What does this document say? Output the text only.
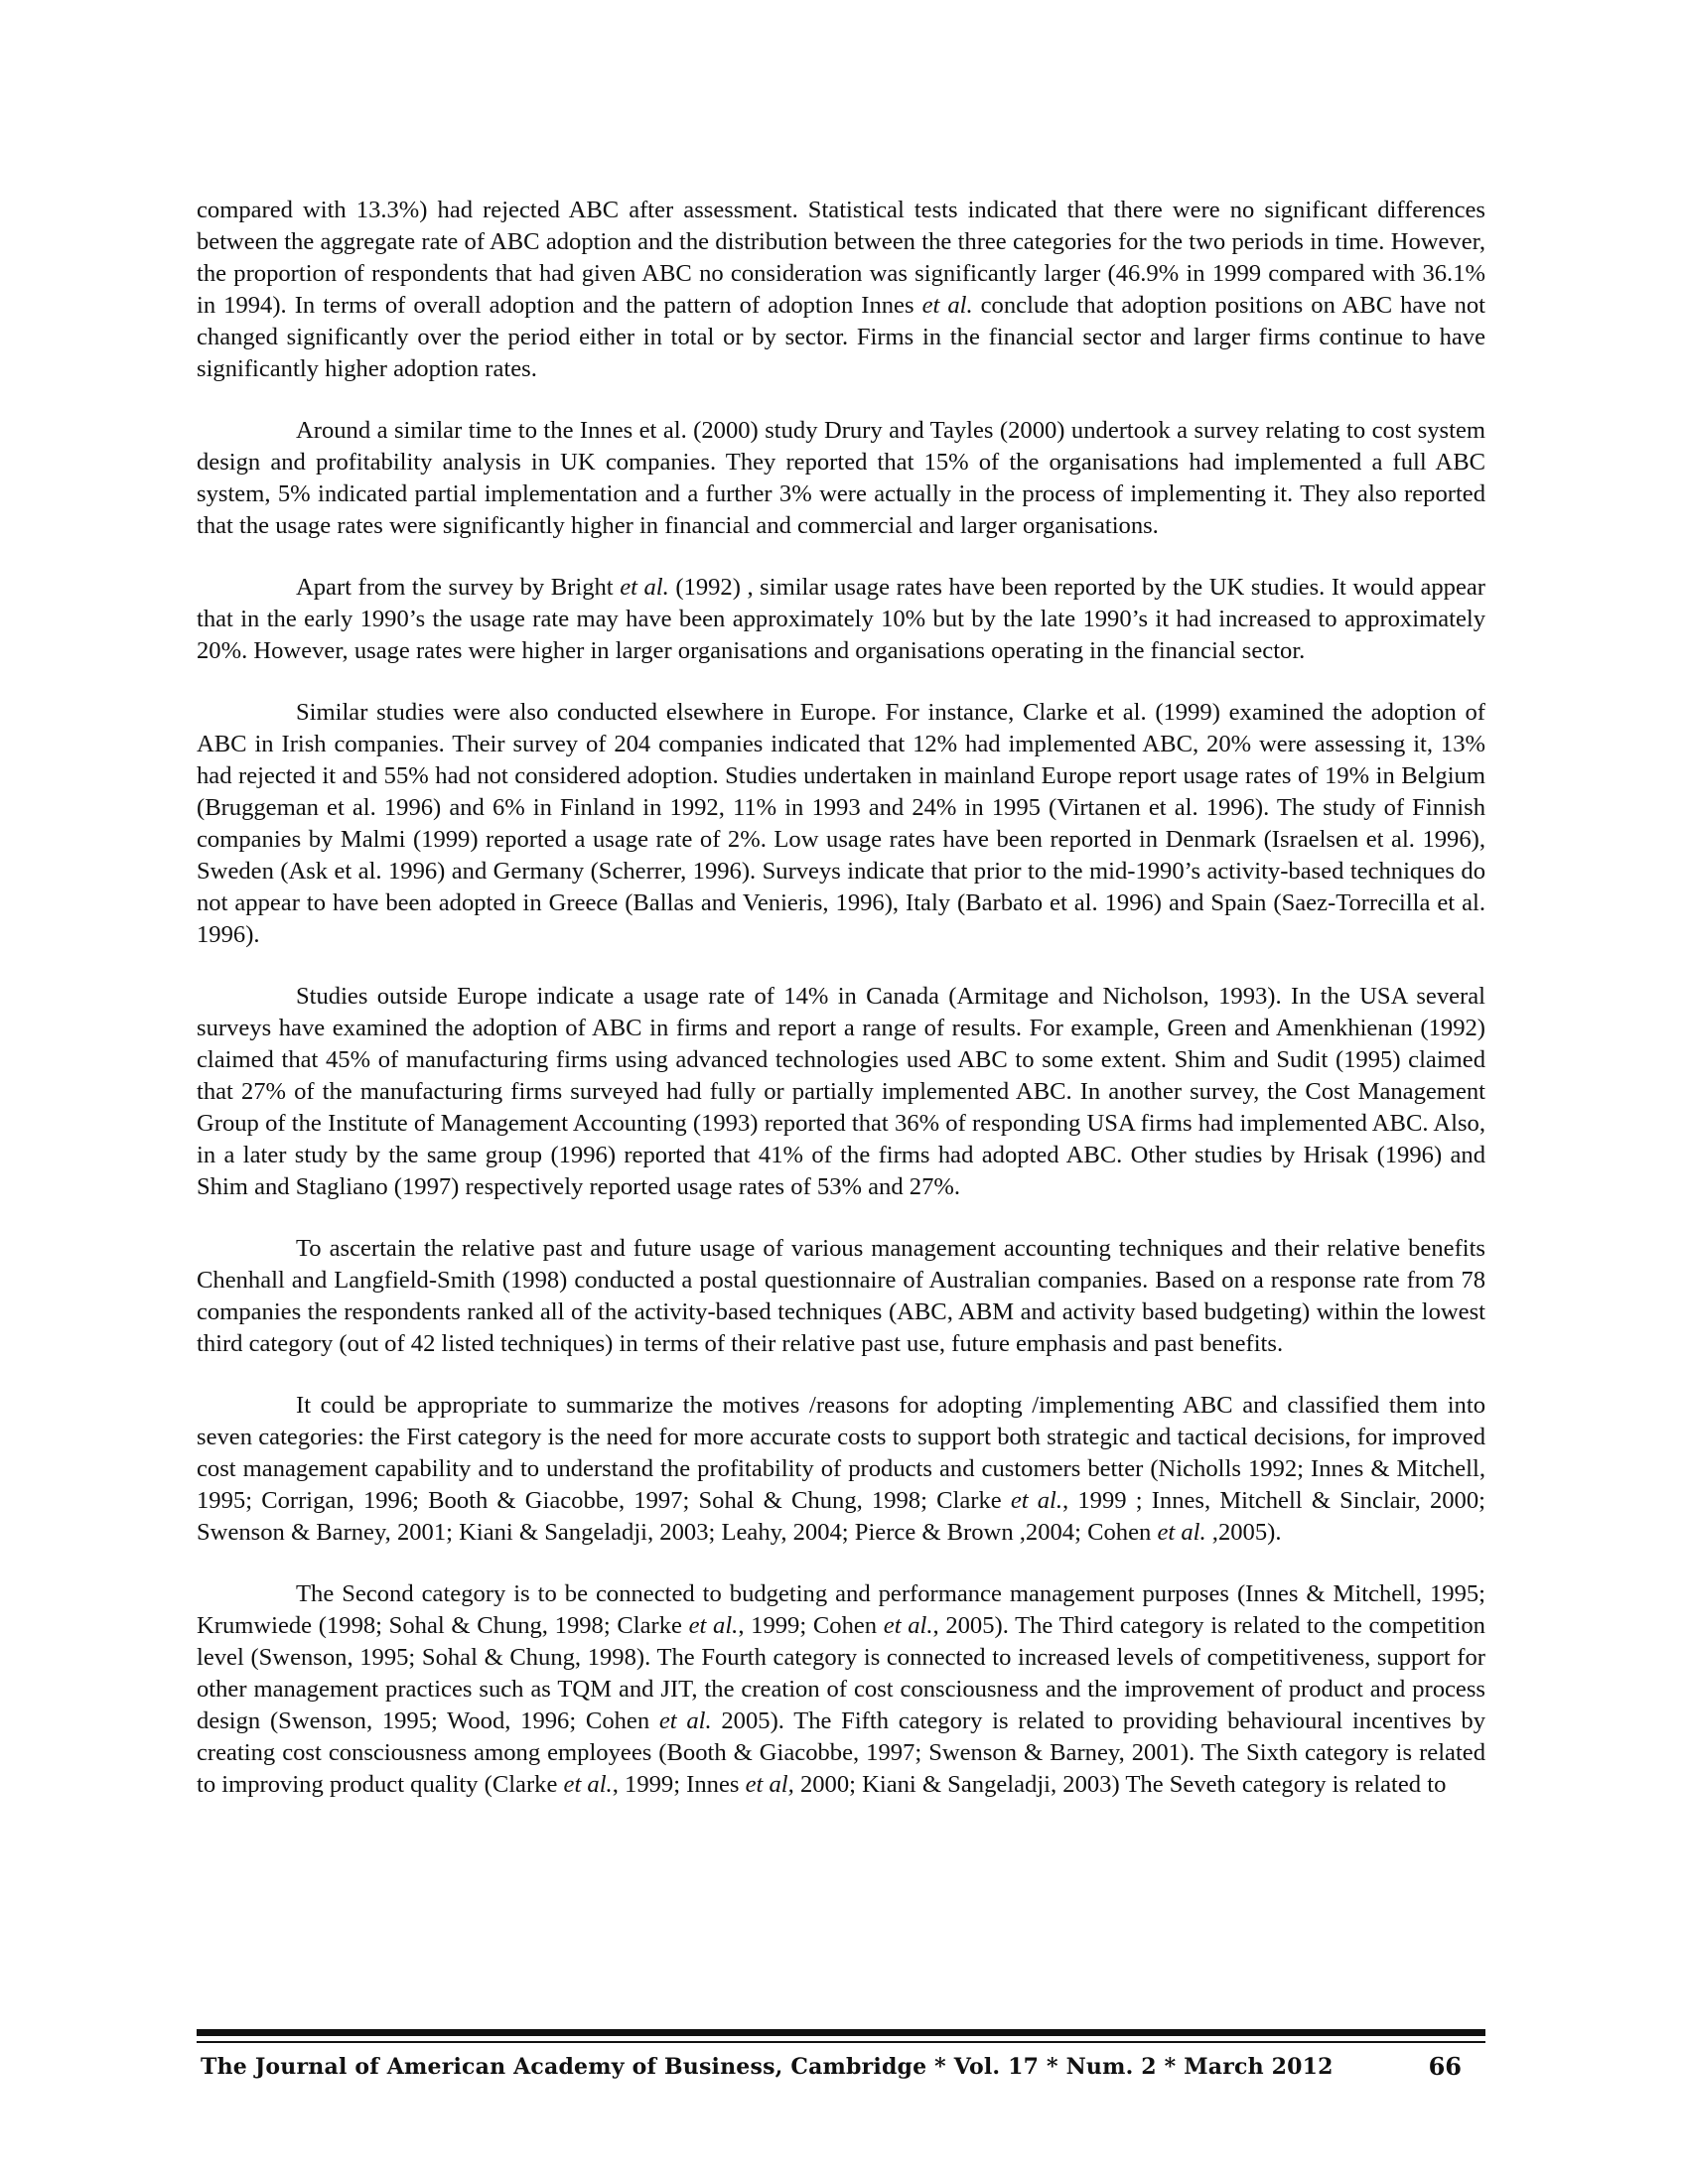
compared with 13.3%) had rejected ABC after assessment. Statistical tests indicated that there were no significant differences between the aggregate rate of ABC adoption and the distribution between the three categories for the two periods in time. However, the proportion of respondents that had given ABC no consideration was significantly larger (46.9% in 1999 compared with 36.1% in 1994). In terms of overall adoption and the pattern of adoption Innes et al. conclude that adoption positions on ABC have not changed significantly over the period either in total or by sector. Firms in the financial sector and larger firms continue to have significantly higher adoption rates.

Around a similar time to the Innes et al. (2000) study Drury and Tayles (2000) undertook a survey relating to cost system design and profitability analysis in UK companies. They reported that 15% of the organisations had implemented a full ABC system, 5% indicated partial implementation and a further 3% were actually in the process of implementing it. They also reported that the usage rates were significantly higher in financial and commercial and larger organisations.

Apart from the survey by Bright et al. (1992) , similar usage rates have been reported by the UK studies. It would appear that in the early 1990’s the usage rate may have been approximately 10% but by the late 1990’s it had increased to approximately 20%. However, usage rates were higher in larger organisations and organisations operating in the financial sector.

Similar studies were also conducted elsewhere in Europe. For instance, Clarke et al. (1999) examined the adoption of ABC in Irish companies. Their survey of 204 companies indicated that 12% had implemented ABC, 20% were assessing it, 13% had rejected it and 55% had not considered adoption. Studies undertaken in mainland Europe report usage rates of 19% in Belgium (Bruggeman et al. 1996) and 6% in Finland in 1992, 11% in 1993 and 24% in 1995 (Virtanen et al. 1996). The study of Finnish companies by Malmi (1999) reported a usage rate of 2%. Low usage rates have been reported in Denmark (Israelsen et al. 1996), Sweden (Ask et al. 1996) and Germany (Scherrer, 1996). Surveys indicate that prior to the mid-1990’s activity-based techniques do not appear to have been adopted in Greece (Ballas and Venieris, 1996), Italy (Barbato et al. 1996) and Spain (Saez-Torrecilla et al. 1996).

Studies outside Europe indicate a usage rate of 14% in Canada (Armitage and Nicholson, 1993). In the USA several surveys have examined the adoption of ABC in firms and report a range of results. For example, Green and Amenkhienan (1992) claimed that 45% of manufacturing firms using advanced technologies used ABC to some extent. Shim and Sudit (1995) claimed that 27% of the manufacturing firms surveyed had fully or partially implemented ABC. In another survey, the Cost Management Group of the Institute of Management Accounting (1993) reported that 36% of responding USA firms had implemented ABC. Also, in a later study by the same group (1996) reported that 41% of the firms had adopted ABC. Other studies by Hrisak (1996) and Shim and Stagliano (1997) respectively reported usage rates of 53% and 27%.

To ascertain the relative past and future usage of various management accounting techniques and their relative benefits Chenhall and Langfield-Smith (1998) conducted a postal questionnaire of Australian companies. Based on a response rate from 78 companies the respondents ranked all of the activity-based techniques (ABC, ABM and activity based budgeting) within the lowest third category (out of 42 listed techniques) in terms of their relative past use, future emphasis and past benefits.

It could be appropriate to summarize the motives /reasons for adopting /implementing ABC and classified them into seven categories: the First category is the need for more accurate costs to support both strategic and tactical decisions, for improved cost management capability and to understand the profitability of products and customers better (Nicholls 1992; Innes & Mitchell, 1995; Corrigan, 1996; Booth & Giacobbe, 1997; Sohal & Chung, 1998; Clarke et al., 1999 ; Innes, Mitchell & Sinclair, 2000; Swenson & Barney, 2001; Kiani & Sangeladji, 2003; Leahy, 2004; Pierce & Brown ,2004; Cohen et al. ,2005).

The Second category is to be connected to budgeting and performance management purposes (Innes & Mitchell, 1995; Krumwiede (1998; Sohal & Chung, 1998; Clarke et al., 1999; Cohen et al., 2005). The Third category is related to the competition level (Swenson, 1995; Sohal & Chung, 1998). The Fourth category is connected to increased levels of competitiveness, support for other management practices such as TQM and JIT, the creation of cost consciousness and the improvement of product and process design (Swenson, 1995; Wood, 1996; Cohen et al. 2005). The Fifth category is related to providing behavioural incentives by creating cost consciousness among employees (Booth & Giacobbe, 1997; Swenson & Barney, 2001). The Sixth category is related to improving product quality (Clarke et al., 1999; Innes et al, 2000; Kiani & Sangeladji, 2003) The Seveth category is related to

The Journal of American Academy of Business, Cambridge * Vol. 17 * Num. 2 * March 2012	66
